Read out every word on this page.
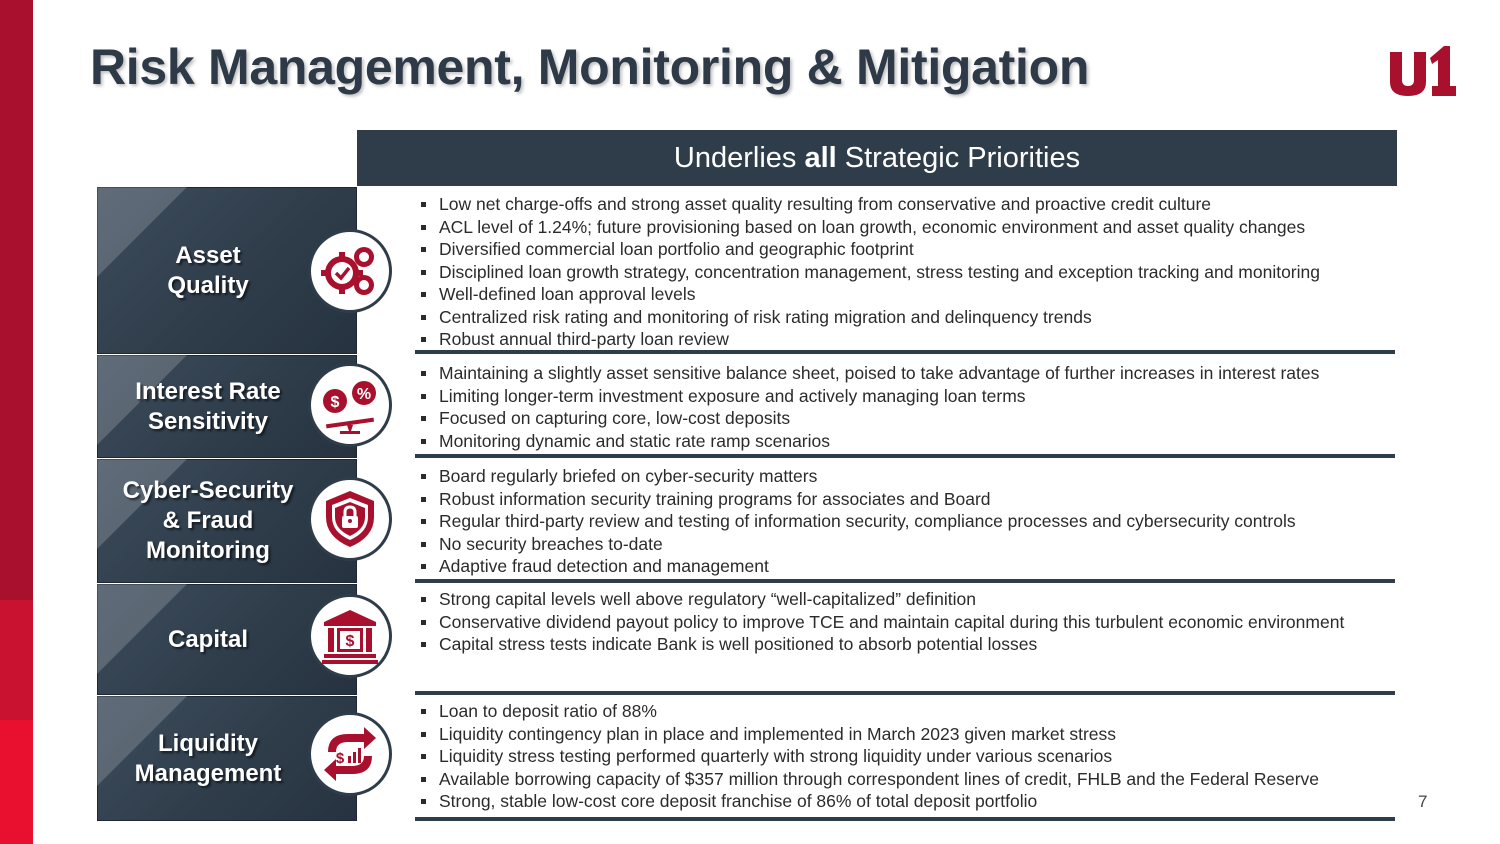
Risk Management, Monitoring & Mitigation
Underlies all Strategic Priorities
Asset
Quality
Low net charge-offs and strong asset quality resulting from conservative and proactive credit culture
ACL level of 1.24%; future provisioning based on loan growth, economic environment and asset quality changes
Diversified commercial loan portfolio and geographic footprint
Disciplined loan growth strategy, concentration management, stress testing and exception tracking and monitoring
Well-defined loan approval levels
Centralized risk rating and monitoring of risk rating migration and delinquency trends
Robust annual third-party loan review
Interest Rate
Sensitivity
$ %
Maintaining a slightly asset sensitive balance sheet, poised to take advantage of further increases in interest rates
Limiting longer-term investment exposure and actively managing loan terms
Focused on capturing core, low-cost deposits
Monitoring dynamic and static rate ramp scenarios
Cyber-Security
& Fraud
Monitoring
Board regularly briefed on cyber-security matters
Robust information security training programs for associates and Board
Regular third-party review and testing of information security, compliance processes and cybersecurity controls
No security breaches to-date
Adaptive fraud detection and management
Capital	$
Strong capital levels well above regulatory “well-capitalized” definition
Conservative dividend payout policy to improve TCE and maintain capital during this turbulent economic environment
Capital stress tests indicate Bank is well positioned to absorb potential losses
Liquidity
Management
$
Loan to deposit ratio of 88%
Liquidity contingency plan in place and implemented in March 2023 given market stress
Liquidity stress testing performed quarterly with strong liquidity under various scenarios
Available borrowing capacity of $357 million through correspondent lines of credit, FHLB and the Federal Reserve
Strong, stable low-cost core deposit franchise of 86% of total deposit portfolio	7
